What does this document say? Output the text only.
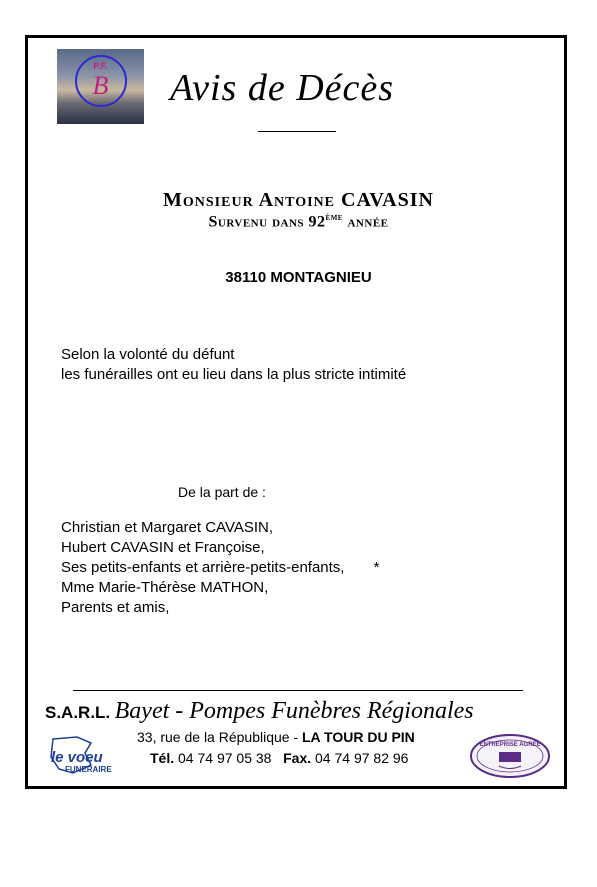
P.F.
B	Avis de Décès
Monsieur Antoine CAVASIN
Survenu dans 92ème année
38110 MONTAGNIEU
Selon la volonté du défunt
les funérailles ont eu lieu dans la plus stricte intimité
De la part de :
Christian et Margaret CAVASIN,
Hubert CAVASIN et Françoise,
Ses petits-enfants et arrière-petits-enfants,       *
Mme Marie-Thérèse MATHON,
Parents et amis,
S.A.R.L. Bayet - Pompes Funèbres Régionales
33, rue de la République - LA TOUR DU PIN
Tél. 04 74 97 05 38 Fax. 04 74 97 82 96
le voeu
FUNERAIRE
ENTREPRISE AGREE
